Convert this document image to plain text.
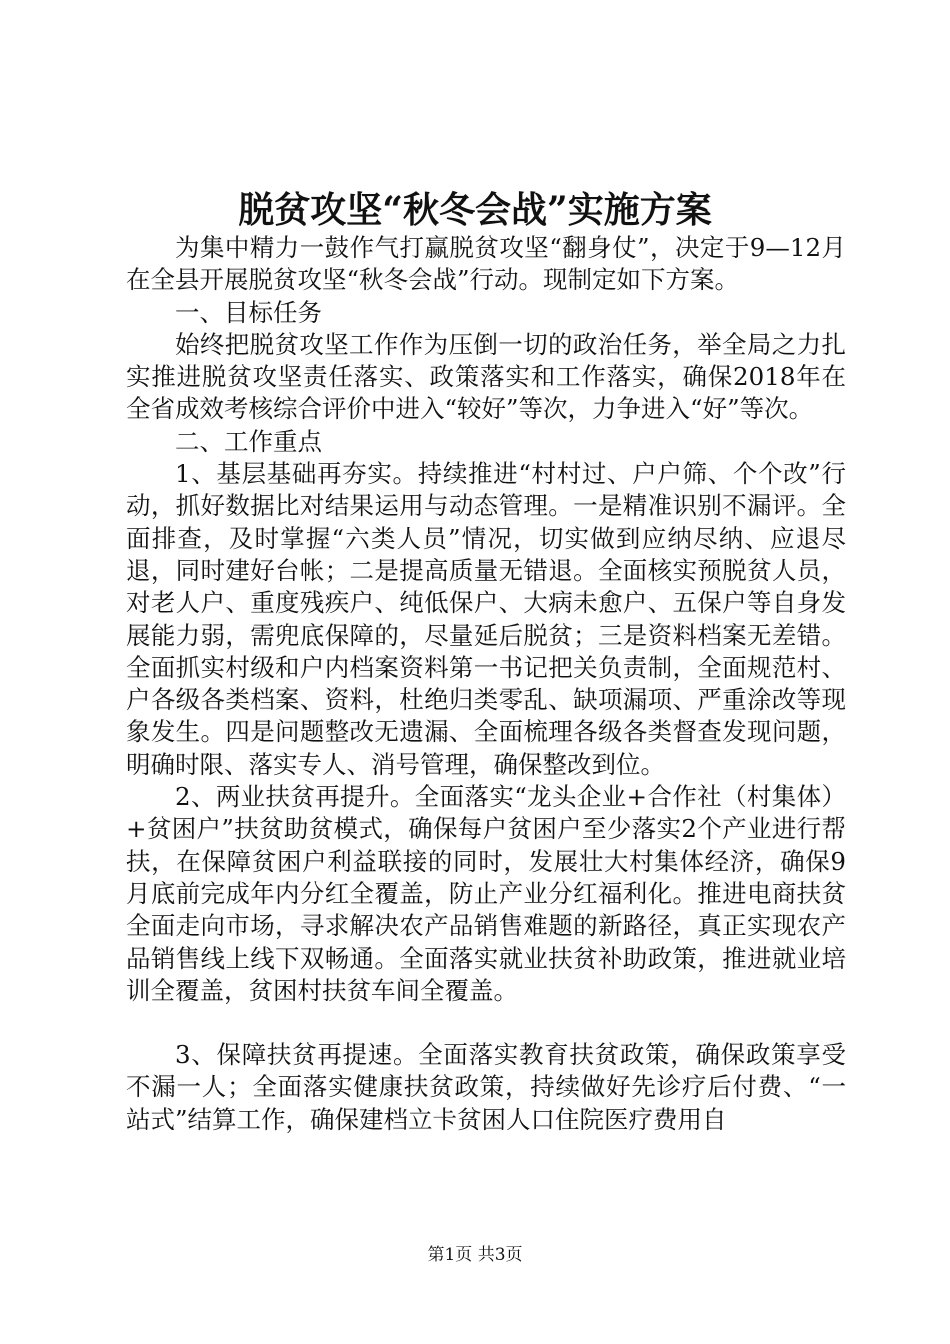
脱贫攻坚“秋冬会战”实施方案

为集中精力一鼓作气打赢脱贫攻坚“翻身仗”，决定于9—12月在全县开展脱贫攻坚“秋冬会战”行动。现制定如下方案。

一、目标任务

始终把脱贫攻坚工作作为压倒一切的政治任务，举全局之力扎实推进脱贫攻坚责任落实、政策落实和工作落实，确保2018年在全省成效考核综合评价中进入“较好”等次，力争进入“好”等次。

二、工作重点

1、基层基础再夯实。持续推进“村村过、户户筛、个个改”行动，抓好数据比对结果运用与动态管理。一是精准识别不漏评。全面排查，及时掌握“六类人员”情况，切实做到应纳尽纳、应退尽退，同时建好台帐；二是提高质量无错退。全面核实预脱贫人员，对老人户、重度残疾户、纯低保户、大病未愈户、五保户等自身发展能力弱，需兜底保障的，尽量延后脱贫；三是资料档案无差错。全面抓实村级和户内档案资料第一书记把关负责制，全面规范村、户各级各类档案、资料，杜绝归类零乱、缺项漏项、严重涂改等现象发生。四是问题整改无遗漏、全面梳理各级各类督查发现问题，明确时限、落实专人、消号管理，确保整改到位。

2、两业扶贫再提升。全面落实“龙头企业+合作社（村集体）+贫困户”扶贫助贫模式，确保每户贫困户至少落实2个产业进行帮扶，在保障贫困户利益联接的同时，发展壮大村集体经济，确保9月底前完成年内分红全覆盖，防止产业分红福利化。推进电商扶贫全面走向市场，寻求解决农产品销售难题的新路径，真正实现农产品销售线上线下双畅通。全面落实就业扶贫补助政策，推进就业培训全覆盖，贫困村扶贫车间全覆盖。

3、保障扶贫再提速。全面落实教育扶贫政策，确保政策享受不漏一人；全面落实健康扶贫政策，持续做好先诊疗后付费、“一站式”结算工作，确保建档立卡贫困人口住院医疗费用自

第1页 共3页
